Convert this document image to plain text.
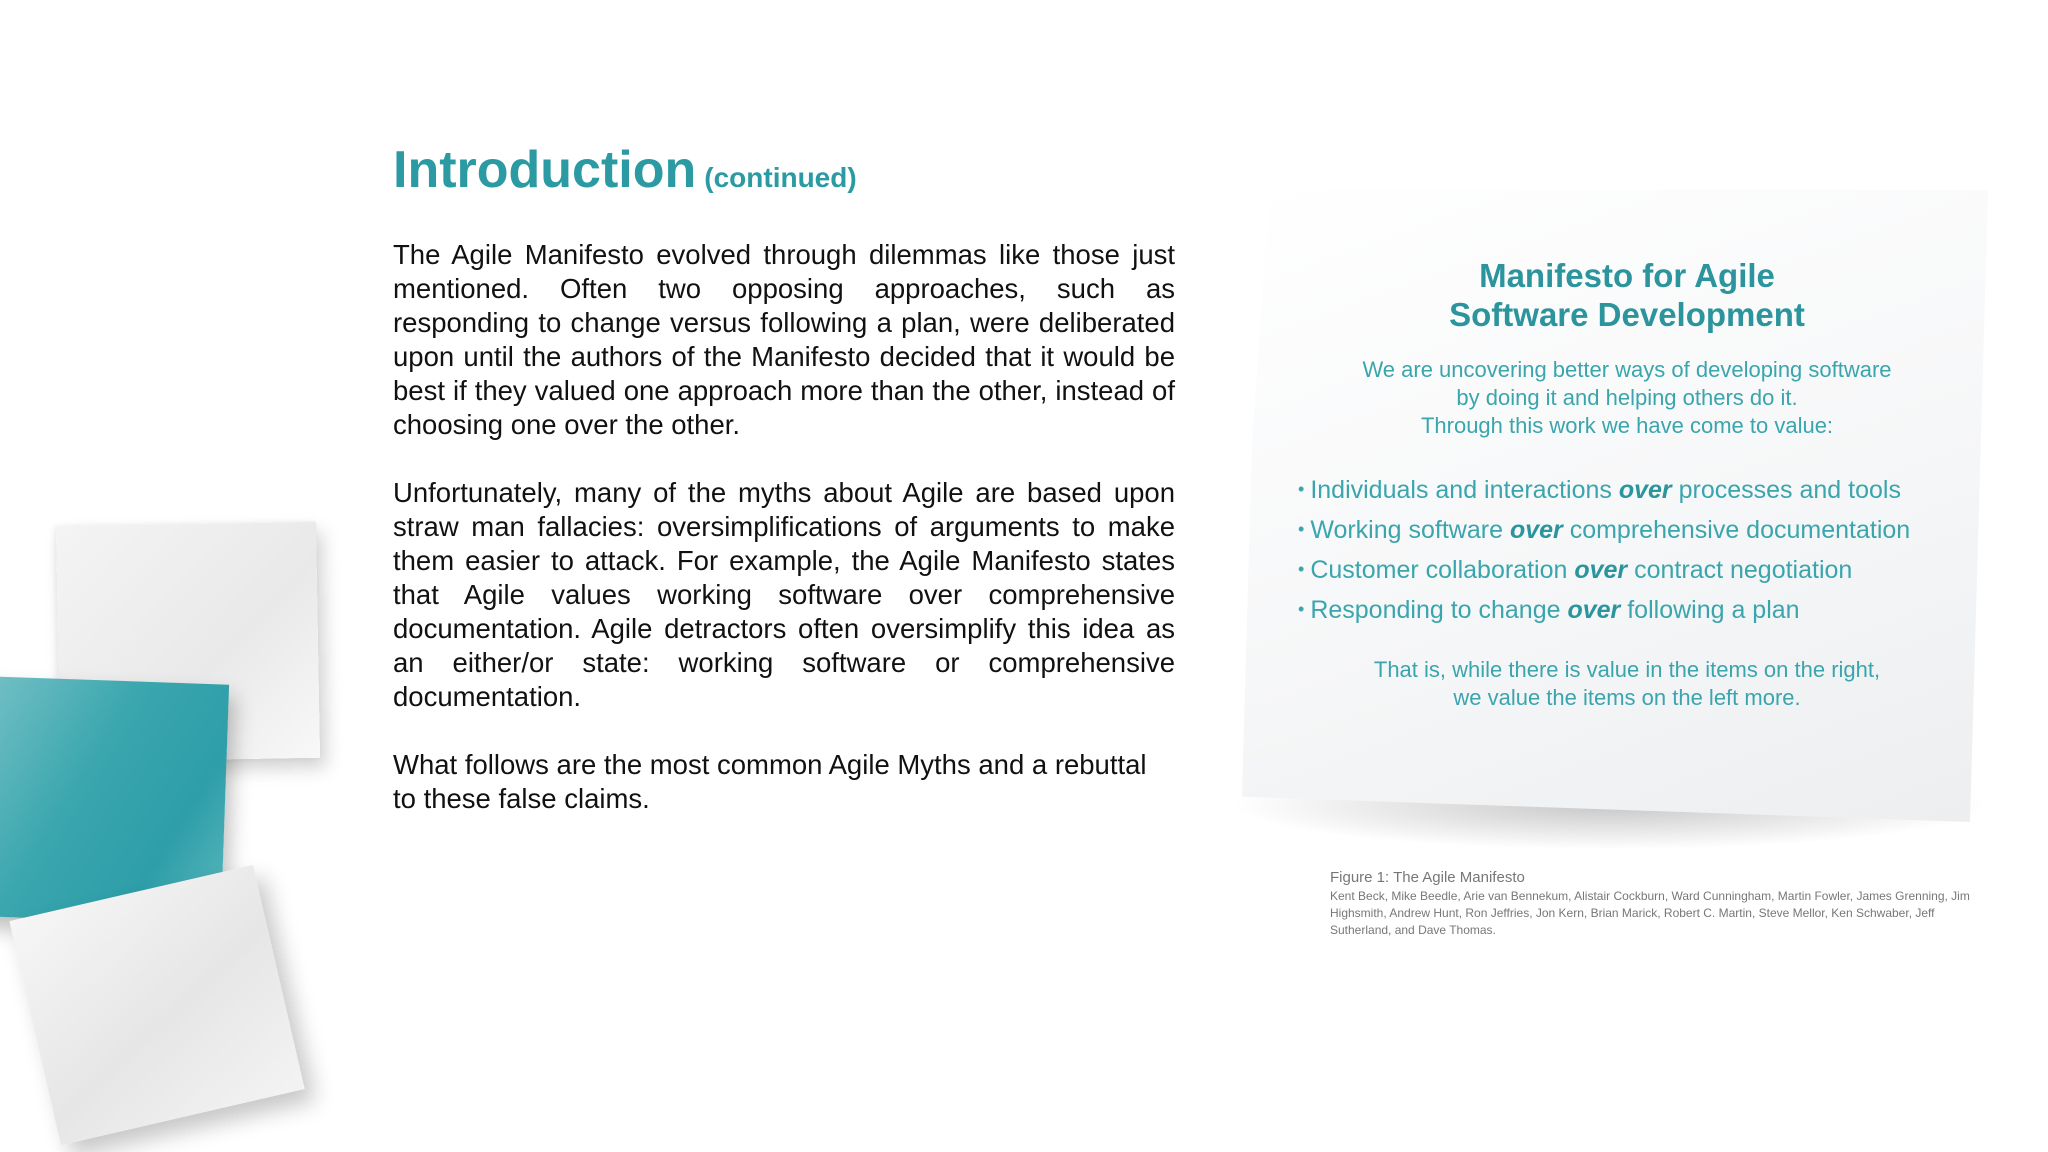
Introduction (continued)

The Agile Manifesto evolved through dilemmas like those just mentioned. Often two opposing approaches, such as responding to change versus following a plan, were deliberated upon until the authors of the Manifesto decided that it would be best if they valued one approach more than the other, instead of choosing one over the other.

Unfortunately, many of the myths about Agile are based upon straw man fallacies: oversimplifications of arguments to make them easier to attack. For example, the Agile Manifesto states that Agile values working software over comprehensive documentation. Agile detractors often oversimplify this idea as an either/or state: working software or comprehensive documentation.

What follows are the most common Agile Myths and a rebuttal to these false claims.

Manifesto for Agile
Software Development
We are uncovering better ways of developing software
by doing it and helping others do it.
Through this work we have come to value:
• Individuals and interactions over processes and tools
• Working software over comprehensive documentation
• Customer collaboration over contract negotiation
• Responding to change over following a plan
That is, while there is value in the items on the right,
we value the items on the left more.
Figure 1: The Agile Manifesto
Kent Beck, Mike Beedle, Arie van Bennekum, Alistair Cockburn, Ward Cunningham, Martin Fowler, James Grenning, Jim Highsmith, Andrew Hunt, Ron Jeffries, Jon Kern, Brian Marick, Robert C. Martin, Steve Mellor, Ken Schwaber, Jeff Sutherland, and Dave Thomas.
